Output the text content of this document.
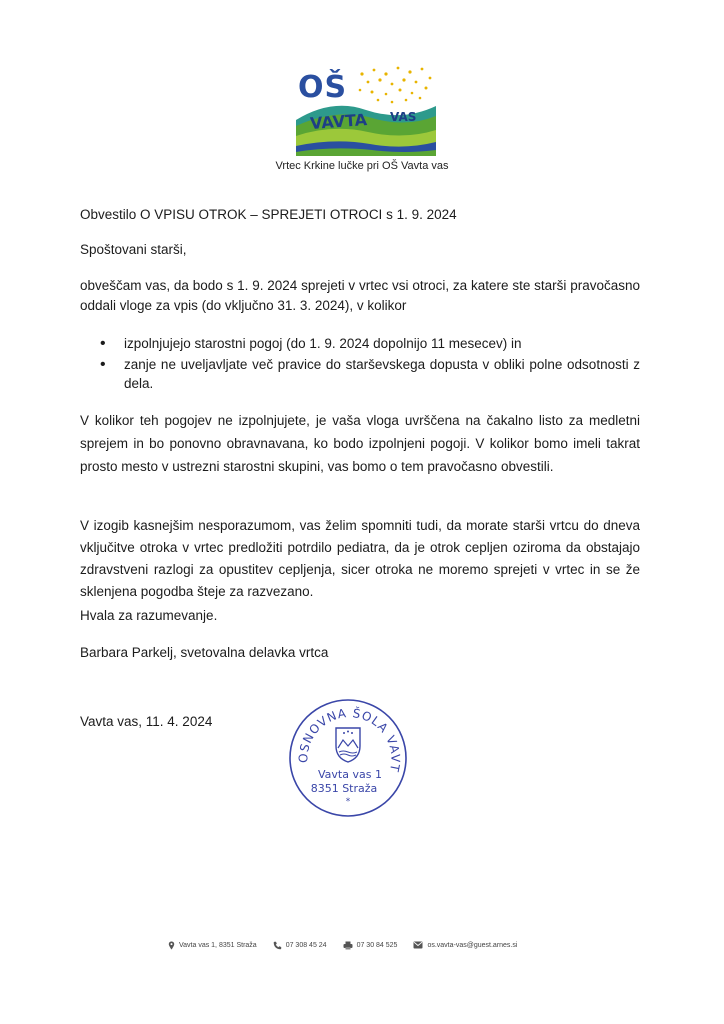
OŠ
VAVTA VAS
Vrtec Krkine lučke pri OŠ Vavta vas
Obvestilo O VPISU OTROK – SPREJETI OTROCI s 1. 9. 2024
Spoštovani starši,
obveščam vas, da bodo s 1. 9. 2024 sprejeti v vrtec vsi otroci, za katere ste starši pravočasno oddali vloge za vpis (do vključno 31. 3. 2024), v kolikor
• izpolnjujejo starostni pogoj (do 1. 9. 2024 dopolnijo 11 mesecev) in
• zanje ne uveljavljate več pravice do starševskega dopusta v obliki polne odsotnosti z dela.
V kolikor teh pogojev ne izpolnjujete, je vaša vloga uvrščena na čakalno listo za medletni sprejem in bo ponovno obravnavana, ko bodo izpolnjeni pogoji. V kolikor bomo imeli takrat prosto mesto v ustrezni starostni skupini, vas bomo o tem pravočasno obvestili.
V izogib kasnejšim nesporazumom, vas želim spomniti tudi, da morate starši vrtcu do dneva vključitve otroka v vrtec predložiti potrdilo pediatra, da je otrok cepljen oziroma da obstajajo zdravstveni razlogi za opustitev cepljenja, sicer otroka ne moremo sprejeti v vrtec in se že sklenjena pogodba šteje za razvezano.
Hvala za razumevanje.
Barbara Parkelj, svetovalna delavka vrtca
Vavta vas, 11. 4. 2024
OSNOVNA ŠOLA VAVT
Vavta vas 1
8351 Straža
*
Vavta vas 1, 8351 Straža	07 308 45 24	07 30 84 525	os.vavta-vas@guest.arnes.si
